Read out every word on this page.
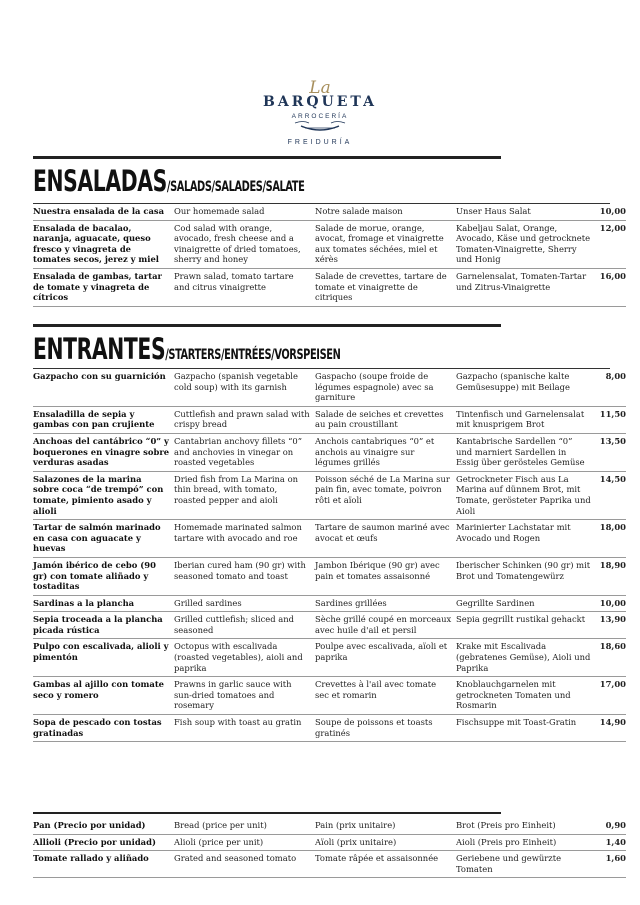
La
BARQUETA
ARROCERÍA
FREIDURÍA
ENSALADAS/SALADS/SALADES/SALATE
Nuestra ensalada de la casa	Our homemade salad	Notre salade maison	Unser Haus Salat	10,00
Ensalada de bacalao, naranja, aguacate, queso fresco y vinagreta de tomates secos, jerez y miel	Cod salad with orange, avocado, fresh cheese and a vinaigrette of dried tomatoes, sherry and honey	Salade de morue, orange, avocat, fromage et vinaigrette aux tomates séchées, miel et xérès	Kabeljau Salat, Orange, Avocado, Käse und getrocknete Tomaten-Vinaigrette, Sherry und Honig	12,00
Ensalada de gambas, tartar de tomate y vinagreta de cítricos	Prawn salad, tomato tartare and citrus vinaigrette	Salade de crevettes, tartare de tomate et vinaigrette de citriques	Garnelensalat, Tomaten-Tartar und Zitrus-Vinaigrette	16,00
ENTRANTES/STARTERS/ENTRÉES/VORSPEISEN
Gazpacho con su guarnición	Gazpacho (spanish vegetable cold soup) with its garnish	Gaspacho (soupe froide de légumes espagnole) avec sa garniture	Gazpacho (spanische kalte Gemüsesuppe) mit Beilage	8,00
Ensaladilla de sepia y gambas con pan crujiente	Cuttlefish and prawn salad with crispy bread	Salade de seiches et crevettes au pain croustillant	Tintenfisch und Garnelensalat mit knusprigem Brot	11,50
Anchoas del cantábrico “0” y boquerones en vinagre sobre verduras asadas	Cantabrian anchovy fillets “0” and anchovies in vinegar on roasted vegetables	Anchois cantabriques “0” et anchois au vinaigre sur légumes grillés	Kantabrische Sardellen “0” und marniert Sardellen in Essig über gerösteles Gemüse	13,50
Salazones de la marina sobre coca “de trempó” con tomate, pimiento asado y alioli	Dried fish from La Marina on thin bread, with tomato, roasted pepper and aioli	Poisson séché de La Marina sur pain fin, avec tomate, poivron rôti et aïoli	Getrockneter Fisch aus La Marina auf dünnem Brot, mit Tomate, gerösteter Paprika und Aioli	14,50
Tartar de salmón marinado en casa con aguacate y huevas	Homemade marinated salmon tartare with avocado and roe	Tartare de saumon mariné avec avocat et œufs	Marinierter Lachstatar mit Avocado und Rogen	18,00
Jamón ibérico de cebo (90 gr) con tomate aliñado y tostaditas	Iberian cured ham (90 gr) with seasoned tomato and toast	Jambon Ibérique (90 gr) avec pain et tomates assaisonné	Iberischer Schinken (90 gr) mit Brot und Tomatengewürz	18,90
Sardinas a la plancha	Grilled sardines	Sardines grillées	Gegrillte Sardinen	10,00
Sepia troceada a la plancha picada rústica	Grilled cuttlefish; sliced and seasoned	Sèche grillé coupé en morceaux avec huile d'ail et persil	Sepia gegrillt rustikal gehackt	13,90
Pulpo con escalivada, alioli y pimentón	Octopus with escalivada (roasted vegetables), aioli and paprika	Poulpe avec escalivada, aïoli et paprika	Krake mit Escalivada (gebratenes Gemüse), Aioli und Paprika	18,60
Gambas al ajillo con tomate seco y romero	Prawns in garlic sauce with sun-dried tomatoes and rosemary	Crevettes à l'ail avec tomate sec et romarin	Knoblauchgarnelen mit getrockneten Tomaten und Rosmarin	17,00
Sopa de pescado con tostas gratinadas	Fish soup with toast au gratin	Soupe de poissons et toasts gratinés	Fischsuppe mit Toast-Gratin	14,90
Pan (Precio por unidad)	Bread (price per unit)	Pain (prix unitaire)	Brot (Preis pro Einheit)	0,90
Allioli (Precio por unidad)	Alioli (price per unit)	Aïoli (prix unitaire)	Aioli (Preis pro Einheit)	1,40
Tomate rallado y aliñado	Grated and seasoned tomato	Tomate râpée et assaisonnée	Geriebene und gewürzte Tomaten	1,60
